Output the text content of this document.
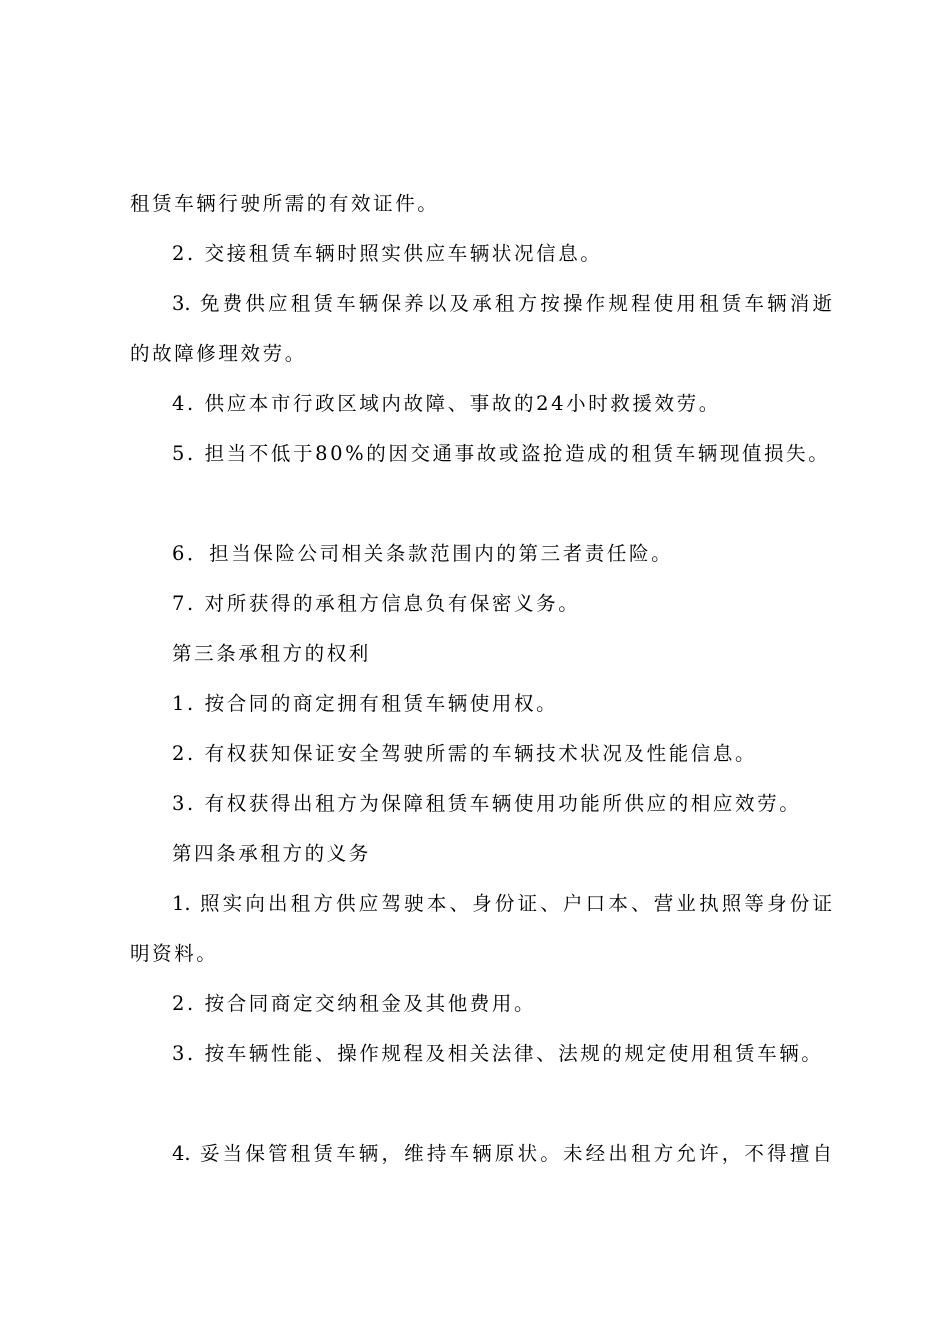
租赁车辆行驶所需的有效证件。
2. 交接租赁车辆时照实供应车辆状况信息。
3. 免费供应租赁车辆保养以及承租方按操作规程使用租赁车辆消逝
的故障修理效劳。
4. 供应本市行政区域内故障、事故的24小时救援效劳。
5. 担当不低于80%的因交通事故或盗抢造成的租赁车辆现值损失。
6．担当保险公司相关条款范围内的第三者责任险。
7. 对所获得的承租方信息负有保密义务。
第三条承租方的权利
1. 按合同的商定拥有租赁车辆使用权。
2. 有权获知保证安全驾驶所需的车辆技术状况及性能信息。
3. 有权获得出租方为保障租赁车辆使用功能所供应的相应效劳。
第四条承租方的义务
1. 照实向出租方供应驾驶本、身份证、户口本、营业执照等身份证
明资料。
2. 按合同商定交纳租金及其他费用。
3. 按车辆性能、操作规程及相关法律、法规的规定使用租赁车辆。
4. 妥当保管租赁车辆，维持车辆原状。未经出租方允许，不得擅自
